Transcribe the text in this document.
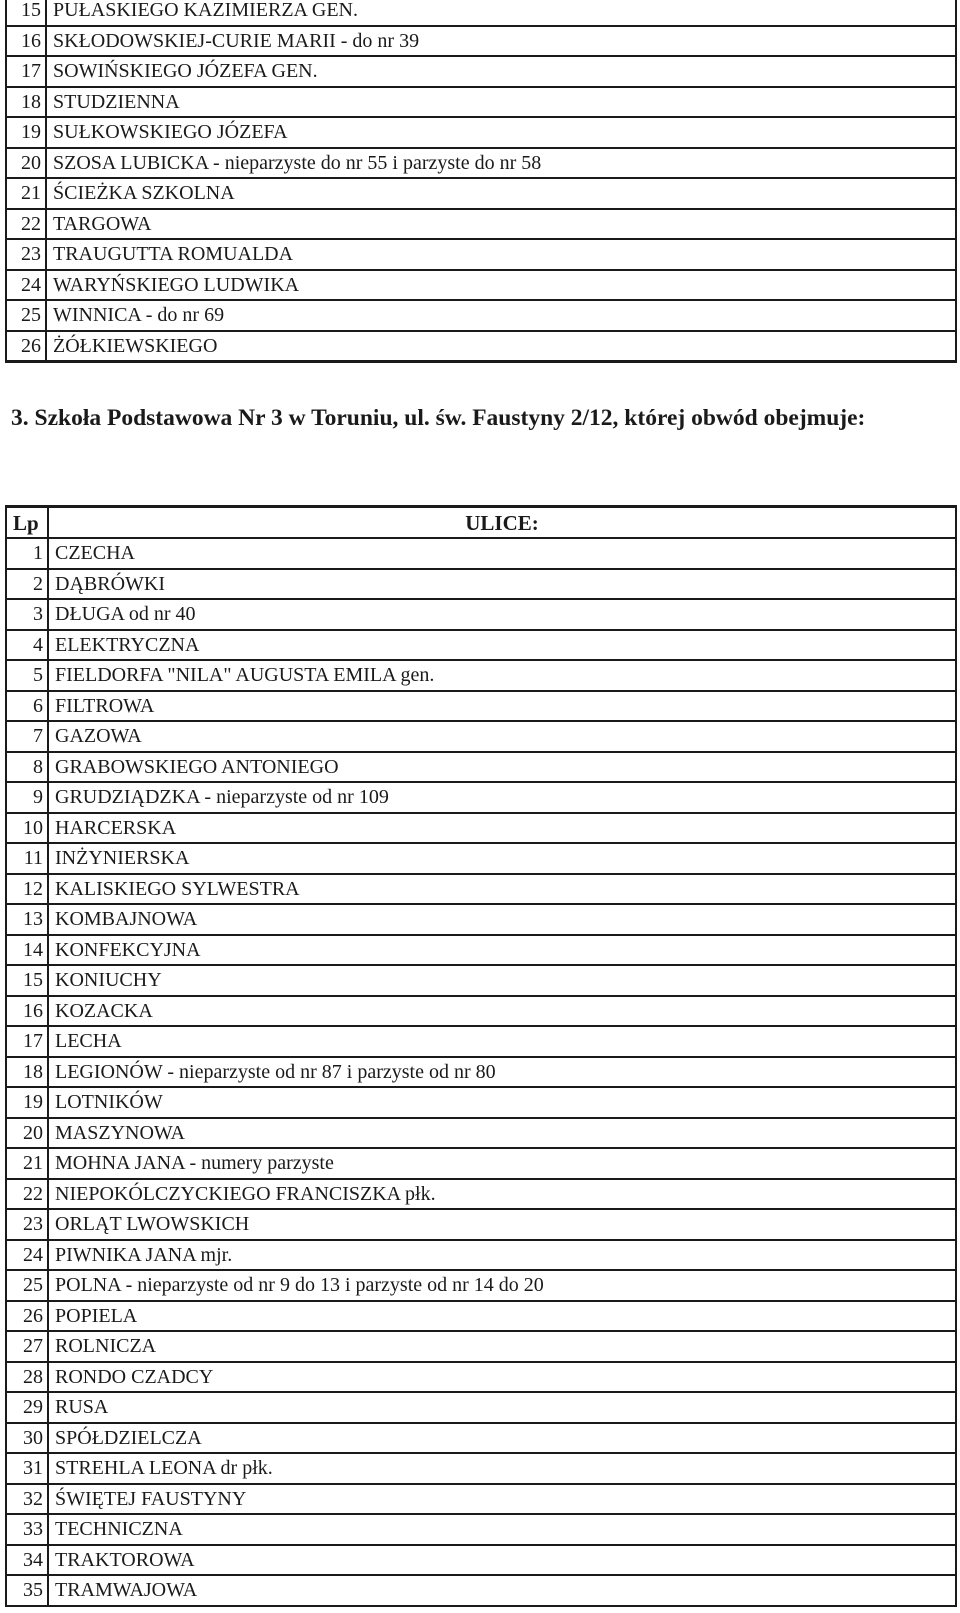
15	PUŁASKIEGO KAZIMIERZA GEN.
16	SKŁODOWSKIEJ-CURIE MARII - do nr 39
17	SOWIŃSKIEGO JÓZEFA GEN.
18	STUDZIENNA
19	SUŁKOWSKIEGO JÓZEFA
20	SZOSA LUBICKA - nieparzyste do nr 55 i parzyste do nr 58
21	ŚCIEŻKA SZKOLNA
22	TARGOWA
23	TRAUGUTTA ROMUALDA
24	WARYŃSKIEGO LUDWIKA
25	WINNICA - do nr 69
26	ŻÓŁKIEWSKIEGO
3. Szkoła Podstawowa Nr 3 w Toruniu, ul. św. Faustyny 2/12, której obwód obejmuje:
Lp	ULICE:
1	CZECHA
2	DĄBRÓWKI
3	DŁUGA od nr 40
4	ELEKTRYCZNA
5	FIELDORFA "NILA" AUGUSTA EMILA gen.
6	FILTROWA
7	GAZOWA
8	GRABOWSKIEGO ANTONIEGO
9	GRUDZIĄDZKA - nieparzyste od nr 109
10	HARCERSKA
11	INŻYNIERSKA
12	KALISKIEGO SYLWESTRA
13	KOMBAJNOWA
14	KONFEKCYJNA
15	KONIUCHY
16	KOZACKA
17	LECHA
18	LEGIONÓW - nieparzyste od nr 87 i parzyste od nr 80
19	LOTNIKÓW
20	MASZYNOWA
21	MOHNA JANA - numery parzyste
22	NIEPOKÓLCZYCKIEGO FRANCISZKA płk.
23	ORLĄT LWOWSKICH
24	PIWNIKA JANA mjr.
25	POLNA - nieparzyste od nr 9 do 13 i parzyste od nr 14 do 20
26	POPIELA
27	ROLNICZA
28	RONDO CZADCY
29	RUSA
30	SPÓŁDZIELCZA
31	STREHLA LEONA dr płk.
32	ŚWIĘTEJ FAUSTYNY
33	TECHNICZNA
34	TRAKTOROWA
35	TRAMWAJOWA
